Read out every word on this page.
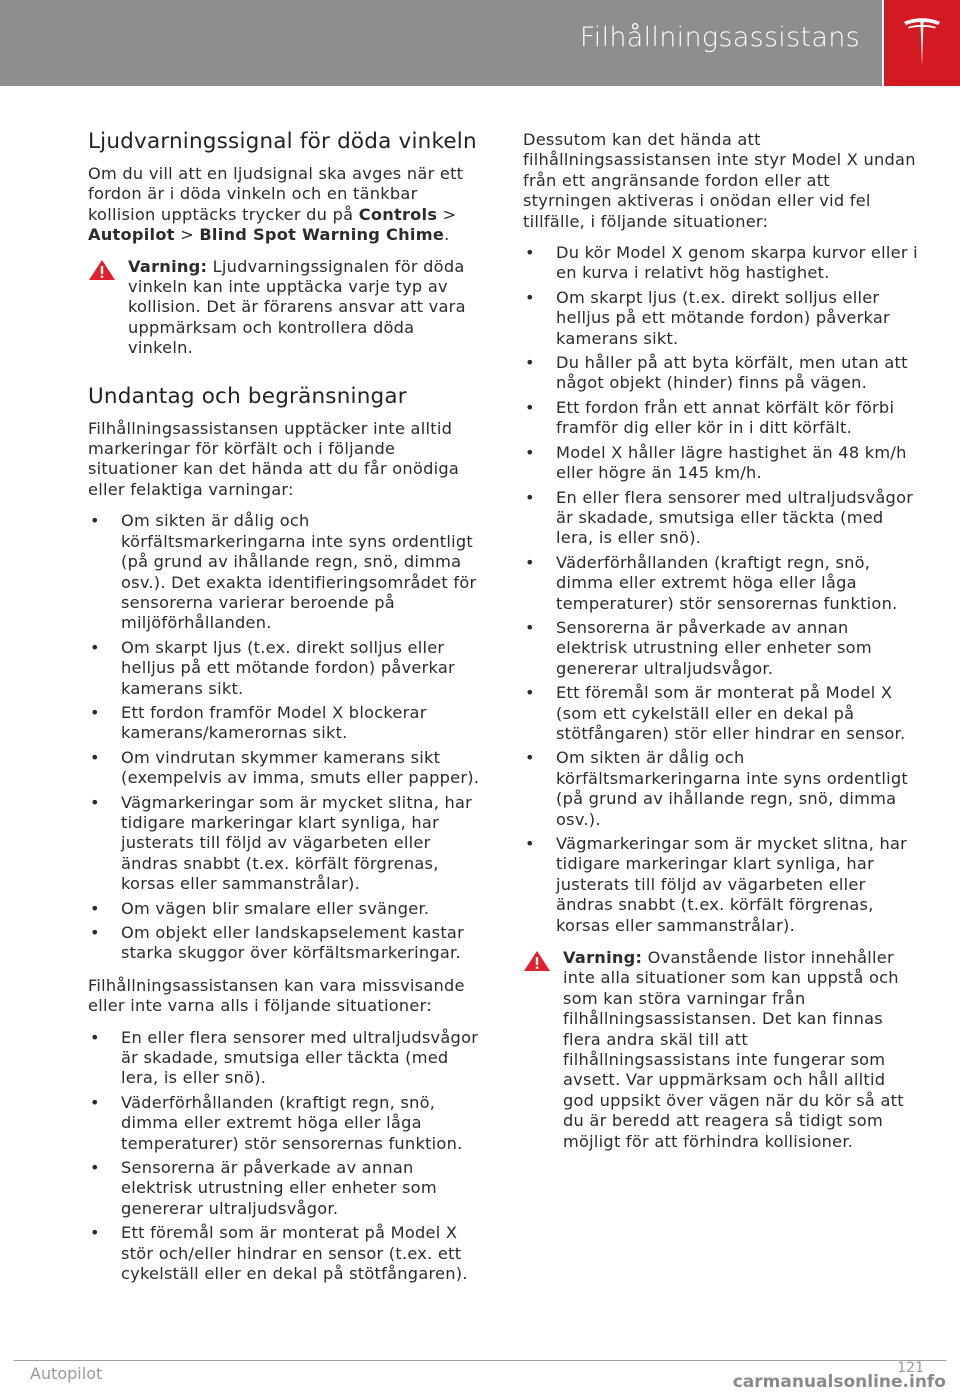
Filhållningsassistans
Ljudvarningssignal för döda vinkeln

Om du vill att en ljudsignal ska avges när ett fordon är i döda vinkeln och en tänkbar kollision upptäcks trycker du på Controls > Autopilot > Blind Spot Warning Chime.

Varning: Ljudvarningssignalen för döda vinkeln kan inte upptäcka varje typ av kollision. Det är förarens ansvar att vara uppmärksam och kontrollera döda vinkeln.
Undantag och begränsningar

Filhållningsassistansen upptäcker inte alltid markeringar för körfält och i följande situationer kan det hända att du får onödiga eller felaktiga varningar:

• Om sikten är dålig och körfältsmarkeringarna inte syns ordentligt (på grund av ihållande regn, snö, dimma osv.). Det exakta identifieringsområdet för sensorerna varierar beroende på miljöförhållanden.
• Om skarpt ljus (t.ex. direkt solljus eller helljus på ett mötande fordon) påverkar kamerans sikt.
• Ett fordon framför Model X blockerar kamerans/kamerornas sikt.
• Om vindrutan skymmer kamerans sikt (exempelvis av imma, smuts eller papper).
• Vägmarkeringar som är mycket slitna, har tidigare markeringar klart synliga, har justerats till följd av vägarbeten eller ändras snabbt (t.ex. körfält förgrenas, korsas eller sammanstrålar).
• Om vägen blir smalare eller svänger.
• Om objekt eller landskapselement kastar starka skuggor över körfältsmarkeringar.

Filhållningsassistansen kan vara missvisande eller inte varna alls i följande situationer:

• En eller flera sensorer med ultraljudsvågor är skadade, smutsiga eller täckta (med lera, is eller snö).
• Väderförhållanden (kraftigt regn, snö, dimma eller extremt höga eller låga temperaturer) stör sensorernas funktion.
• Sensorerna är påverkade av annan elektrisk utrustning eller enheter som genererar ultraljudsvågor.
• Ett föremål som är monterat på Model X stör och/eller hindrar en sensor (t.ex. ett cykelställ eller en dekal på stötfångaren).

Dessutom kan det hända att filhållningsassistansen inte styr Model X undan från ett angränsande fordon eller att styrningen aktiveras i onödan eller vid fel tillfälle, i följande situationer:

• Du kör Model X genom skarpa kurvor eller i en kurva i relativt hög hastighet.
• Om skarpt ljus (t.ex. direkt solljus eller helljus på ett mötande fordon) påverkar kamerans sikt.
• Du håller på att byta körfält, men utan att något objekt (hinder) finns på vägen.
• Ett fordon från ett annat körfält kör förbi framför dig eller kör in i ditt körfält.
• Model X håller lägre hastighet än 48 km/h eller högre än 145 km/h.
• En eller flera sensorer med ultraljudsvågor är skadade, smutsiga eller täckta (med lera, is eller snö).
• Väderförhållanden (kraftigt regn, snö, dimma eller extremt höga eller låga temperaturer) stör sensorernas funktion.
• Sensorerna är påverkade av annan elektrisk utrustning eller enheter som genererar ultraljudsvågor.
• Ett föremål som är monterat på Model X (som ett cykelställ eller en dekal på stötfångaren) stör eller hindrar en sensor.
• Om sikten är dålig och körfältsmarkeringarna inte syns ordentligt (på grund av ihållande regn, snö, dimma osv.).
• Vägmarkeringar som är mycket slitna, har tidigare markeringar klart synliga, har justerats till följd av vägarbeten eller ändras snabbt (t.ex. körfält förgrenas, korsas eller sammanstrålar).
Varning: Ovanstående listor innehåller inte alla situationer som kan uppstå och som kan störa varningar från filhållningsassistansen. Det kan finnas flera andra skäl till att filhållningsassistans inte fungerar som avsett. Var uppmärksam och håll alltid god uppsikt över vägen när du kör så att du är beredd att reagera så tidigt som möjligt för att förhindra kollisioner.
Autopilot	121
carmanualsonline.info
